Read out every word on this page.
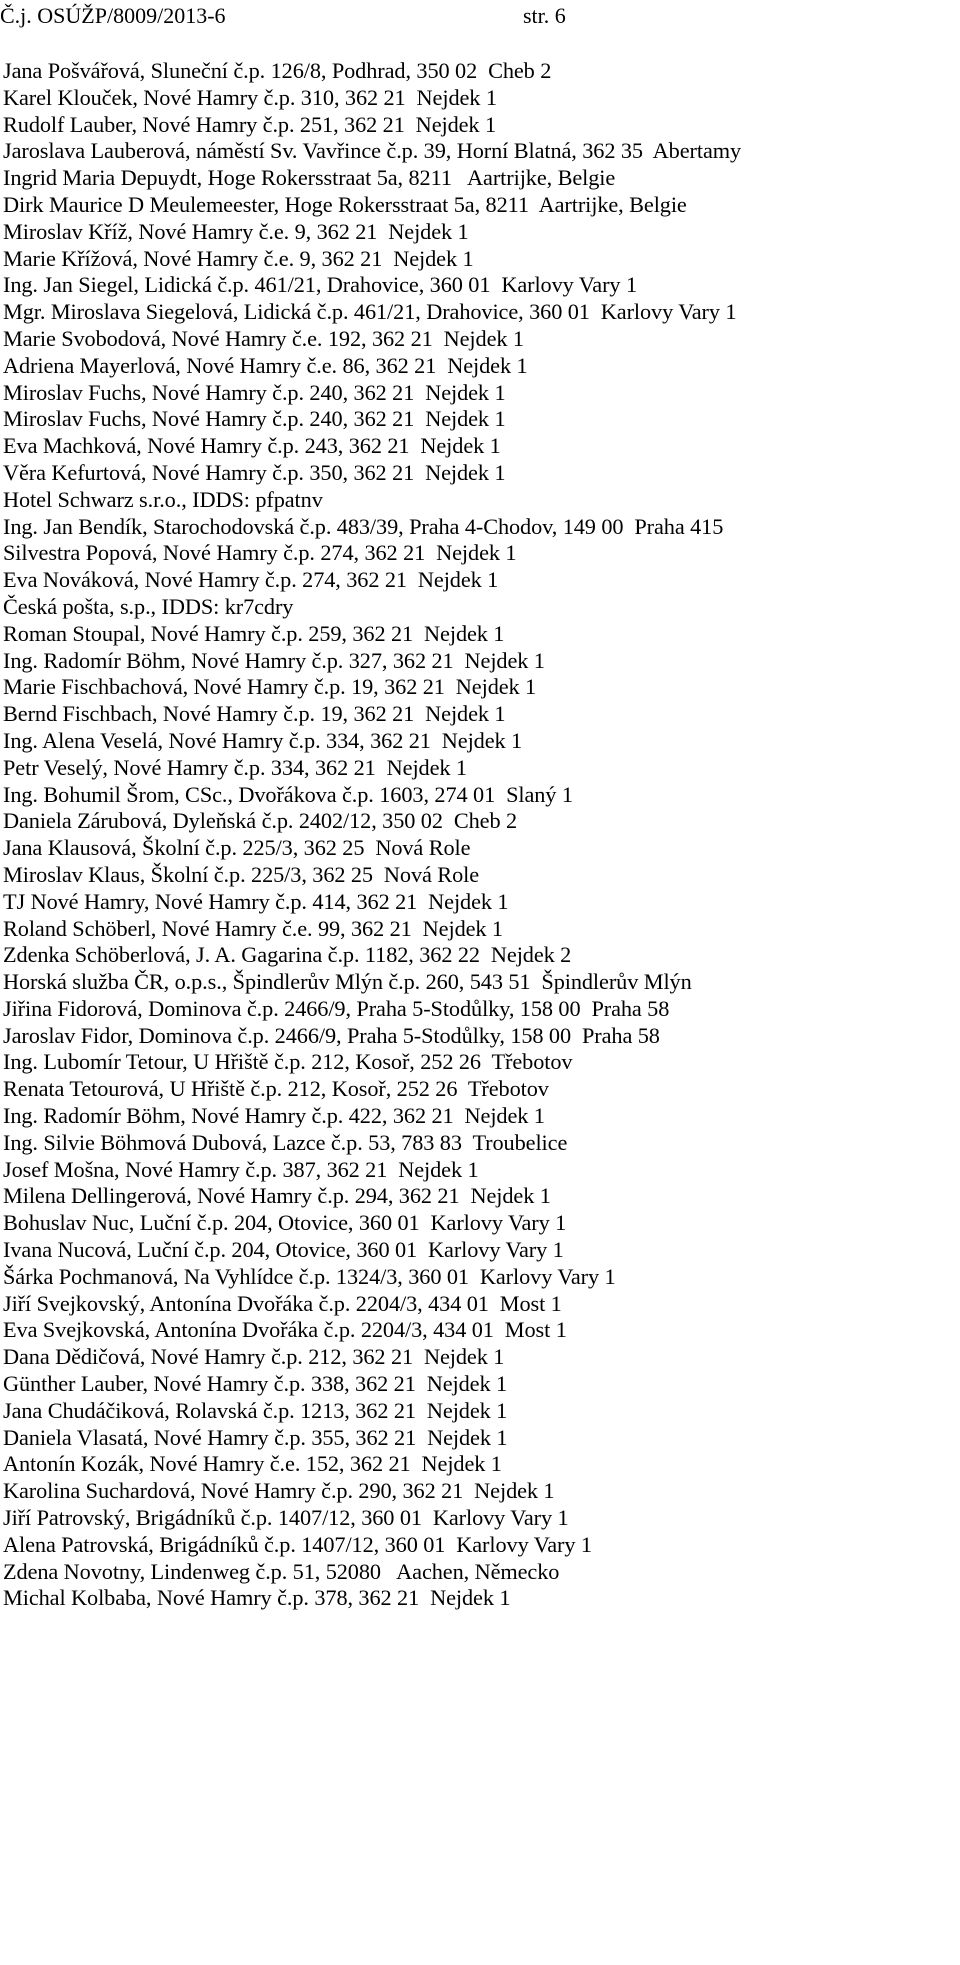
Č.j. OSÚŽP/8009/2013-6	str. 6
Jana Pošvářová, Sluneční č.p. 126/8, Podhrad, 350 02  Cheb 2
Karel Klouček, Nové Hamry č.p. 310, 362 21  Nejdek 1
Rudolf Lauber, Nové Hamry č.p. 251, 362 21  Nejdek 1
Jaroslava Lauberová, náměstí Sv. Vavřince č.p. 39, Horní Blatná, 362 35  Abertamy
Ingrid Maria Depuydt, Hoge Rokersstraat 5a, 8211   Aartrijke, Belgie
Dirk Maurice D Meulemeester, Hoge Rokersstraat 5a, 8211  Aartrijke, Belgie
Miroslav Kříž, Nové Hamry č.e. 9, 362 21  Nejdek 1
Marie Křížová, Nové Hamry č.e. 9, 362 21  Nejdek 1
Ing. Jan Siegel, Lidická č.p. 461/21, Drahovice, 360 01  Karlovy Vary 1
Mgr. Miroslava Siegelová, Lidická č.p. 461/21, Drahovice, 360 01  Karlovy Vary 1
Marie Svobodová, Nové Hamry č.e. 192, 362 21  Nejdek 1
Adriena Mayerlová, Nové Hamry č.e. 86, 362 21  Nejdek 1
Miroslav Fuchs, Nové Hamry č.p. 240, 362 21  Nejdek 1
Miroslav Fuchs, Nové Hamry č.p. 240, 362 21  Nejdek 1
Eva Machková, Nové Hamry č.p. 243, 362 21  Nejdek 1
Věra Kefurtová, Nové Hamry č.p. 350, 362 21  Nejdek 1
Hotel Schwarz s.r.o., IDDS: pfpatnv
Ing. Jan Bendík, Starochodovská č.p. 483/39, Praha 4-Chodov, 149 00  Praha 415
Silvestra Popová, Nové Hamry č.p. 274, 362 21  Nejdek 1
Eva Nováková, Nové Hamry č.p. 274, 362 21  Nejdek 1
Česká pošta, s.p., IDDS: kr7cdry
Roman Stoupal, Nové Hamry č.p. 259, 362 21  Nejdek 1
Ing. Radomír Böhm, Nové Hamry č.p. 327, 362 21  Nejdek 1
Marie Fischbachová, Nové Hamry č.p. 19, 362 21  Nejdek 1
Bernd Fischbach, Nové Hamry č.p. 19, 362 21  Nejdek 1
Ing. Alena Veselá, Nové Hamry č.p. 334, 362 21  Nejdek 1
Petr Veselý, Nové Hamry č.p. 334, 362 21  Nejdek 1
Ing. Bohumil Šrom, CSc., Dvořákova č.p. 1603, 274 01  Slaný 1
Daniela Zárubová, Dyleňská č.p. 2402/12, 350 02  Cheb 2
Jana Klausová, Školní č.p. 225/3, 362 25  Nová Role
Miroslav Klaus, Školní č.p. 225/3, 362 25  Nová Role
TJ Nové Hamry, Nové Hamry č.p. 414, 362 21  Nejdek 1
Roland Schöberl, Nové Hamry č.e. 99, 362 21  Nejdek 1
Zdenka Schöberlová, J. A. Gagarina č.p. 1182, 362 22  Nejdek 2
Horská služba ČR, o.p.s., Špindlerův Mlýn č.p. 260, 543 51  Špindlerův Mlýn
Jiřina Fidorová, Dominova č.p. 2466/9, Praha 5-Stodůlky, 158 00  Praha 58
Jaroslav Fidor, Dominova č.p. 2466/9, Praha 5-Stodůlky, 158 00  Praha 58
Ing. Lubomír Tetour, U Hřiště č.p. 212, Kosoř, 252 26  Třebotov
Renata Tetourová, U Hřiště č.p. 212, Kosoř, 252 26  Třebotov
Ing. Radomír Böhm, Nové Hamry č.p. 422, 362 21  Nejdek 1
Ing. Silvie Böhmová Dubová, Lazce č.p. 53, 783 83  Troubelice
Josef Mošna, Nové Hamry č.p. 387, 362 21  Nejdek 1
Milena Dellingerová, Nové Hamry č.p. 294, 362 21  Nejdek 1
Bohuslav Nuc, Luční č.p. 204, Otovice, 360 01  Karlovy Vary 1
Ivana Nucová, Luční č.p. 204, Otovice, 360 01  Karlovy Vary 1
Šárka Pochmanová, Na Vyhlídce č.p. 1324/3, 360 01  Karlovy Vary 1
Jiří Svejkovský, Antonína Dvořáka č.p. 2204/3, 434 01  Most 1
Eva Svejkovská, Antonína Dvořáka č.p. 2204/3, 434 01  Most 1
Dana Dědičová, Nové Hamry č.p. 212, 362 21  Nejdek 1
Günther Lauber, Nové Hamry č.p. 338, 362 21  Nejdek 1
Jana Chudáčiková, Rolavská č.p. 1213, 362 21  Nejdek 1
Daniela Vlasatá, Nové Hamry č.p. 355, 362 21  Nejdek 1
Antonín Kozák, Nové Hamry č.e. 152, 362 21  Nejdek 1
Karolina Suchardová, Nové Hamry č.p. 290, 362 21  Nejdek 1
Jiří Patrovský, Brigádníků č.p. 1407/12, 360 01  Karlovy Vary 1
Alena Patrovská, Brigádníků č.p. 1407/12, 360 01  Karlovy Vary 1
Zdena Novotny, Lindenweg č.p. 51, 52080   Aachen, Německo
Michal Kolbaba, Nové Hamry č.p. 378, 362 21  Nejdek 1
